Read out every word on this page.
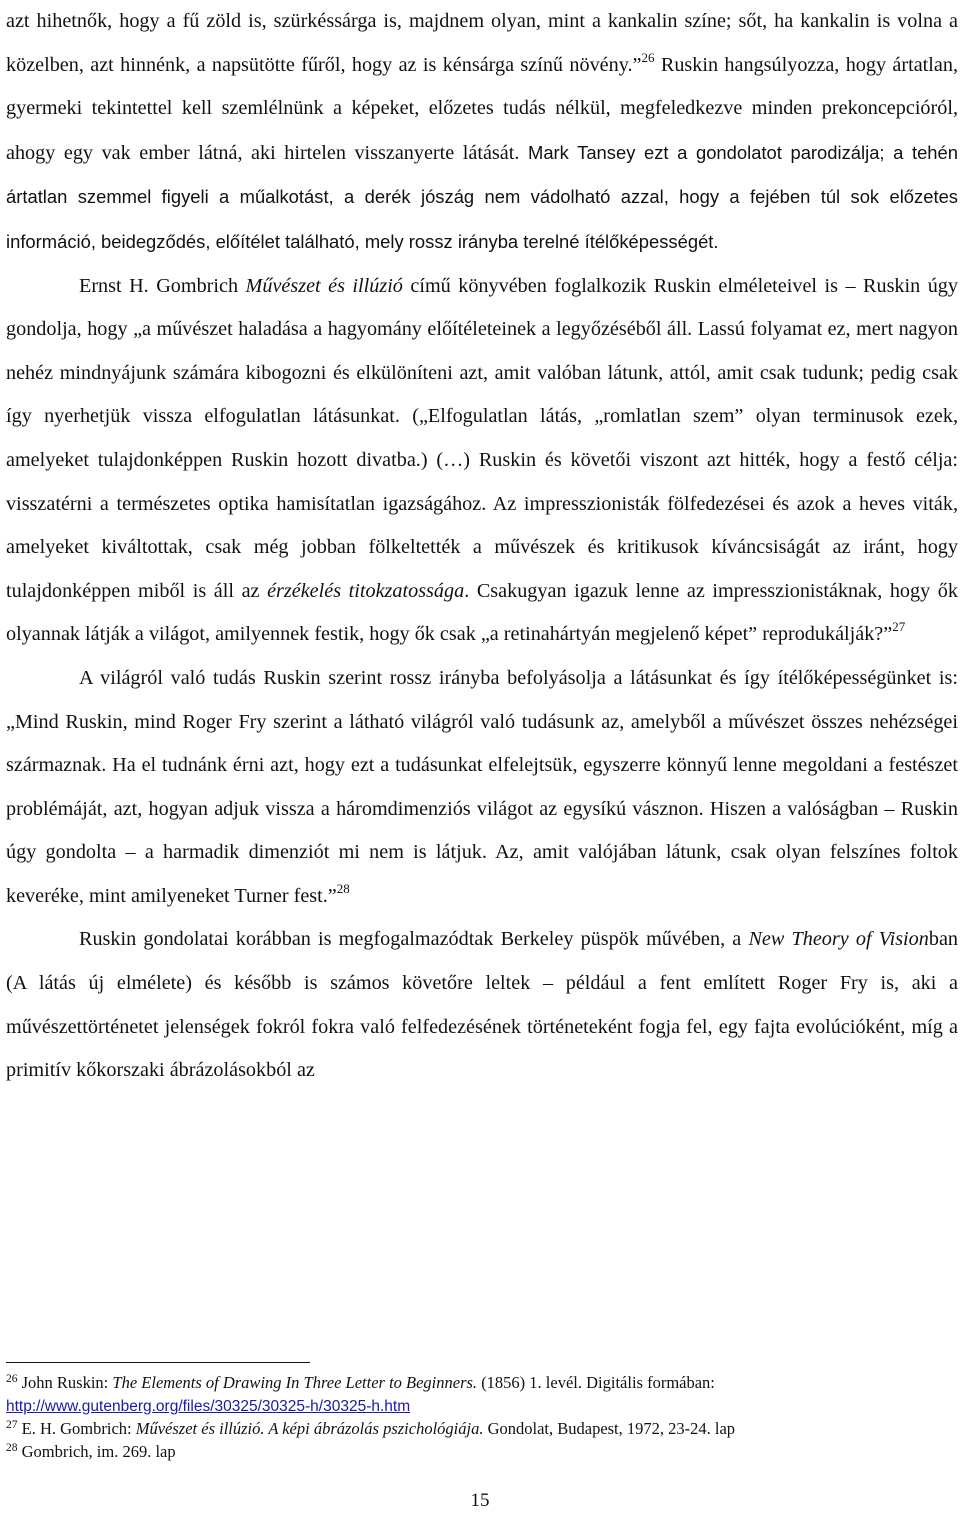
azt hihetnők, hogy a fű zöld is, szürkéssárga is, majdnem olyan, mint a kankalin színe; sőt, ha kankalin is volna a közelben, azt hinnénk, a napsütötte fűről, hogy az is kénsárga színű növény.”$^{26}$ Ruskin hangsúlyozza, hogy ártatlan, gyermeki tekintettel kell szemlélnünk a képeket, előzetes tudás nélkül, megfeledkezve minden prekoncepcióról, ahogy egy vak ember látná, aki hirtelen visszanyerte látását. Mark Tansey ezt a gondolatot parodizálja; a tehén ártatlan szemmel figyeli a műalkotást, a derék jószág nem vádolható azzal, hogy a fejében túl sok előzetes információ, beidegződés, előítélet található, mely rossz irányba terelné ítélőképességét.

Ernst H. Gombrich Művészet és illúzió című könyvében foglalkozik Ruskin elméleteivel is – Ruskin úgy gondolja, hogy „a művészet haladása a hagyomány előítéleteinek a legyőzéséből áll. Lassú folyamat ez, mert nagyon nehéz mindnyájunk számára kibogozni és elkülöníteni azt, amit valóban látunk, attól, amit csak tudunk; pedig csak így nyerhetjük vissza elfogulatlan látásunkat. („Elfogulatlan látás, „romlatlan szem” olyan terminusok ezek, amelyeket tulajdonképpen Ruskin hozott divatba.) (…) Ruskin és követői viszont azt hitték, hogy a festő célja: visszatérni a természetes optika hamisítatlan igazságához. Az impresszionisták fölfedezései és azok a heves viták, amelyeket kiváltottak, csak még jobban fölkeltették a művészek és kritikusok kíváncsiságát az iránt, hogy tulajdonképpen miből is áll az érzékelés titokzatossága. Csakugyan igazuk lenne az impresszionistáknak, hogy ők olyannak látják a világot, amilyennek festik, hogy ők csak „a retinahártyán megjelenő képet” reprodukálják?”$^{27}$

A világról való tudás Ruskin szerint rossz irányba befolyásolja a látásunkat és így ítélőképességünket is: „Mind Ruskin, mind Roger Fry szerint a látható világról való tudásunk az, amelyből a művészet összes nehézségei származnak. Ha el tudnánk érni azt, hogy ezt a tudásunkat elfelejtsük, egyszerre könnyű lenne megoldani a festészet problémáját, azt, hogyan adjuk vissza a háromdimenziós világot az egysíkú vásznon. Hiszen a valóságban – Ruskin úgy gondolta – a harmadik dimenziót mi nem is látjuk. Az, amit valójában látunk, csak olyan felszínes foltok keveréke, mint amilyeneket Turner fest.”$^{28}$

Ruskin gondolatai korábban is megfogalmazódtak Berkeley püspök művében, a New Theory of Visionban (A látás új elmélete) és később is számos követőre leltek – például a fent említett Roger Fry is, aki a művészettörténetet jelenségek fokról fokra való felfedezésének történeteként fogja fel, egy fajta evolúcióként, míg a primitív kőkorszaki ábrázolásokból az

$^{26}$ John Ruskin: The Elements of Drawing In Three Letter to Beginners. (1856) 1. levél. Digitális formában: http://www.gutenberg.org/files/30325/30325-h/30325-h.htm

$^{27}$ E. H. Gombrich: Művészet és illúzió. A képi ábrázolás pszichológiája. Gondolat, Budapest, 1972, 23-24. lap

$^{28}$ Gombrich, im. 269. lap

15
